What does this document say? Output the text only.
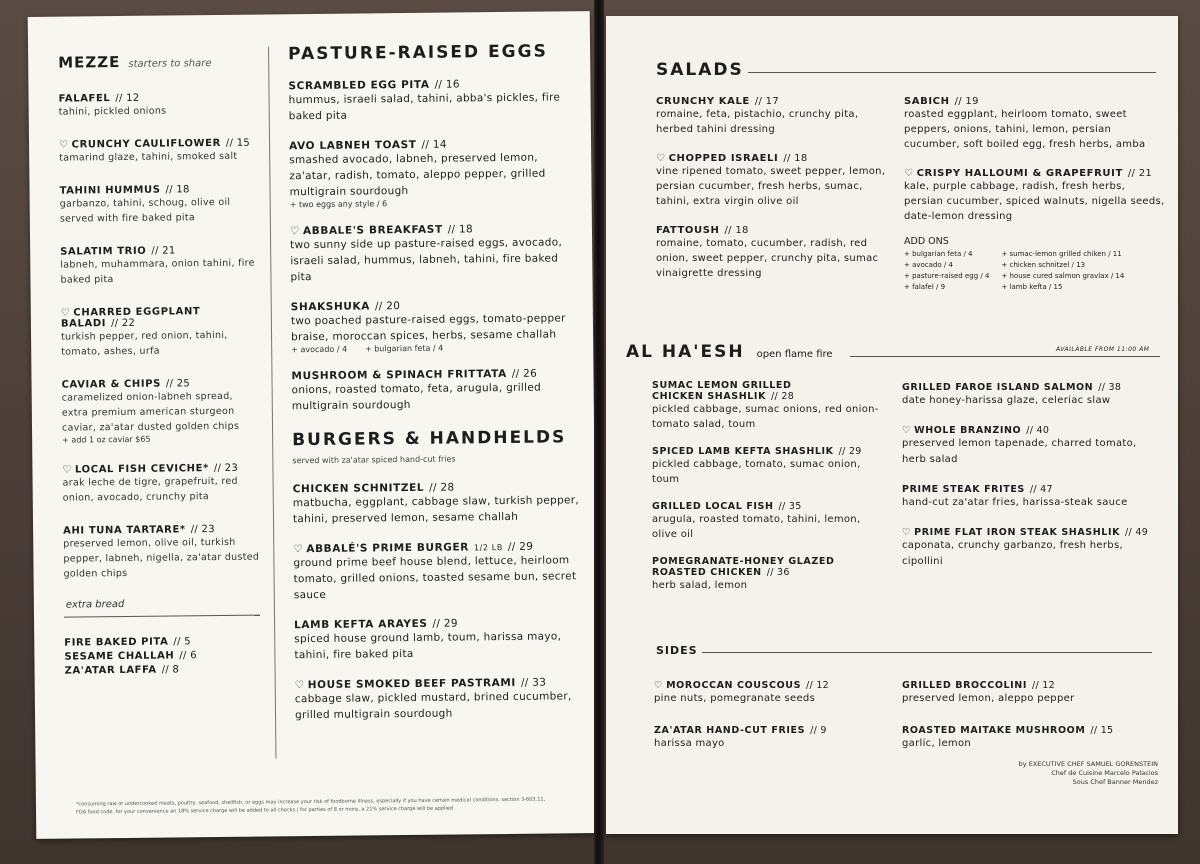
MEZZE starters to share
FALAFEL // 12
tahini, pickled onions
♡ CRUNCHY CAULIFLOWER // 15
tamarind glaze, tahini, smoked salt
TAHINI HUMMUS // 18
garbanzo, tahini, schoug, olive oil served with fire baked pita
SALATIM TRIO // 21
labneh, muhammara, onion tahini, fire baked pita
♡ CHARRED EGGPLANT BALADI // 22
turkish pepper, red onion, tahini, tomato, ashes, urfa
CAVIAR & CHIPS // 25
caramelized onion-labneh spread, extra premium american sturgeon caviar, za'atar dusted golden chips
+ add 1 oz caviar $65
♡ LOCAL FISH CEVICHE* // 23
arak leche de tigre, grapefruit, red onion, avocado, crunchy pita
AHI TUNA TARTARE* // 23
preserved lemon, olive oil, turkish pepper, labneh, nigella, za'atar dusted golden chips
extra bread
FIRE BAKED PITA // 5
SESAME CHALLAH // 6
ZA'ATAR LAFFA // 8
PASTURE-RAISED EGGS
SCRAMBLED EGG PITA // 16
hummus, israeli salad, tahini, abba's pickles, fire baked pita
AVO LABNEH TOAST // 14
smashed avocado, labneh, preserved lemon, za'atar, radish, tomato, aleppo pepper, grilled multigrain sourdough
+ two eggs any style / 6
♡ ABBALE'S BREAKFAST // 18
two sunny side up pasture-raised eggs, avocado, israeli salad, hummus, labneh, tahini, fire baked pita
SHAKSHUKA // 20
two poached pasture-raised eggs, tomato-pepper braise, moroccan spices, herbs, sesame challah
+ avocado / 4       + bulgarian feta / 4
MUSHROOM & SPINACH FRITTATA // 26
onions, roasted tomato, feta, arugula, grilled multigrain sourdough
BURGERS & HANDHELDS
served with za'atar spiced hand-cut fries
CHICKEN SCHNITZEL // 28
matbucha, eggplant, cabbage slaw, turkish pepper, tahini, preserved lemon, sesame challah
♡ ABBALÉ'S PRIME BURGER 1/2 LB // 29
ground prime beef house blend, lettuce, heirloom tomato, grilled onions, toasted sesame bun, secret sauce
LAMB KEFTA ARAYES // 29
spiced house ground lamb, toum, harissa mayo, tahini, fire baked pita
♡ HOUSE SMOKED BEEF PASTRAMI // 33
cabbage slaw, pickled mustard, brined cucumber, grilled multigrain sourdough
*consuming raw or undercooked meats, poultry, seafood, shellfish, or eggs may increase your risk of foodborne illness, especially if you have certain medical conditions. section 3-603.11, FDA food code. for your convenience an 18% service charge will be added to all checks | for parties of 8 or more, a 21% service charge will be applied
SALADS
CRUNCHY KALE // 17
romaine, feta, pistachio, crunchy pita, herbed tahini dressing
♡ CHOPPED ISRAELI // 18
vine ripened tomato, sweet pepper, lemon, persian cucumber, fresh herbs, sumac, tahini, extra virgin olive oil
FATTOUSH // 18
romaine, tomato, cucumber, radish, red onion, sweet pepper, crunchy pita, sumac vinaigrette dressing
SABICH // 19
roasted eggplant, heirloom tomato, sweet peppers, onions, tahini, lemon, persian cucumber, soft boiled egg, fresh herbs, amba
♡ CRISPY HALLOUMI & GRAPEFRUIT // 21
kale, purple cabbage, radish, fresh herbs, persian cucumber, spiced walnuts, nigella seeds, date-lemon dressing
ADD ONS
+ bulgarian feta / 4
+ avocado / 4
+ pasture-raised egg / 4
+ falafel / 9
+ sumac-lemon grilled chiken / 11
+ chicken schnitzel / 13
+ house cured salmon gravlax / 14
+ lamb kefta / 15
AL HA'ESH open flame fire	AVAILABLE FROM 11:00 AM
SUMAC LEMON GRILLED
CHICKEN SHASHLIK // 28
pickled cabbage, sumac onions, red onion-tomato salad, toum
SPICED LAMB KEFTA SHASHLIK // 29
pickled cabbage, tomato, sumac onion, toum
GRILLED LOCAL FISH // 35
arugula, roasted tomato, tahini, lemon, olive oil
POMEGRANATE-HONEY GLAZED
ROASTED CHICKEN // 36
herb salad, lemon
GRILLED FAROE ISLAND SALMON // 38
date honey-harissa glaze, celeriac slaw
♡ WHOLE BRANZINO // 40
preserved lemon tapenade, charred tomato, herb salad
PRIME STEAK FRITES // 47
hand-cut za'atar fries, harissa-steak sauce
♡ PRIME FLAT IRON STEAK SHASHLIK // 49
caponata, crunchy garbanzo, fresh herbs, cipollini
SIDES
♡ MOROCCAN COUSCOUS // 12
pine nuts, pomegranate seeds
ZA'ATAR HAND-CUT FRIES // 9
harissa mayo
GRILLED BROCCOLINI // 12
preserved lemon, aleppo pepper
ROASTED MAITAKE MUSHROOM // 15
garlic, lemon
by EXECUTIVE CHEF SAMUEL GORENSTEIN
Chef de Cuisine Marcelo Palacios
Sous Chef Banner Mendez
